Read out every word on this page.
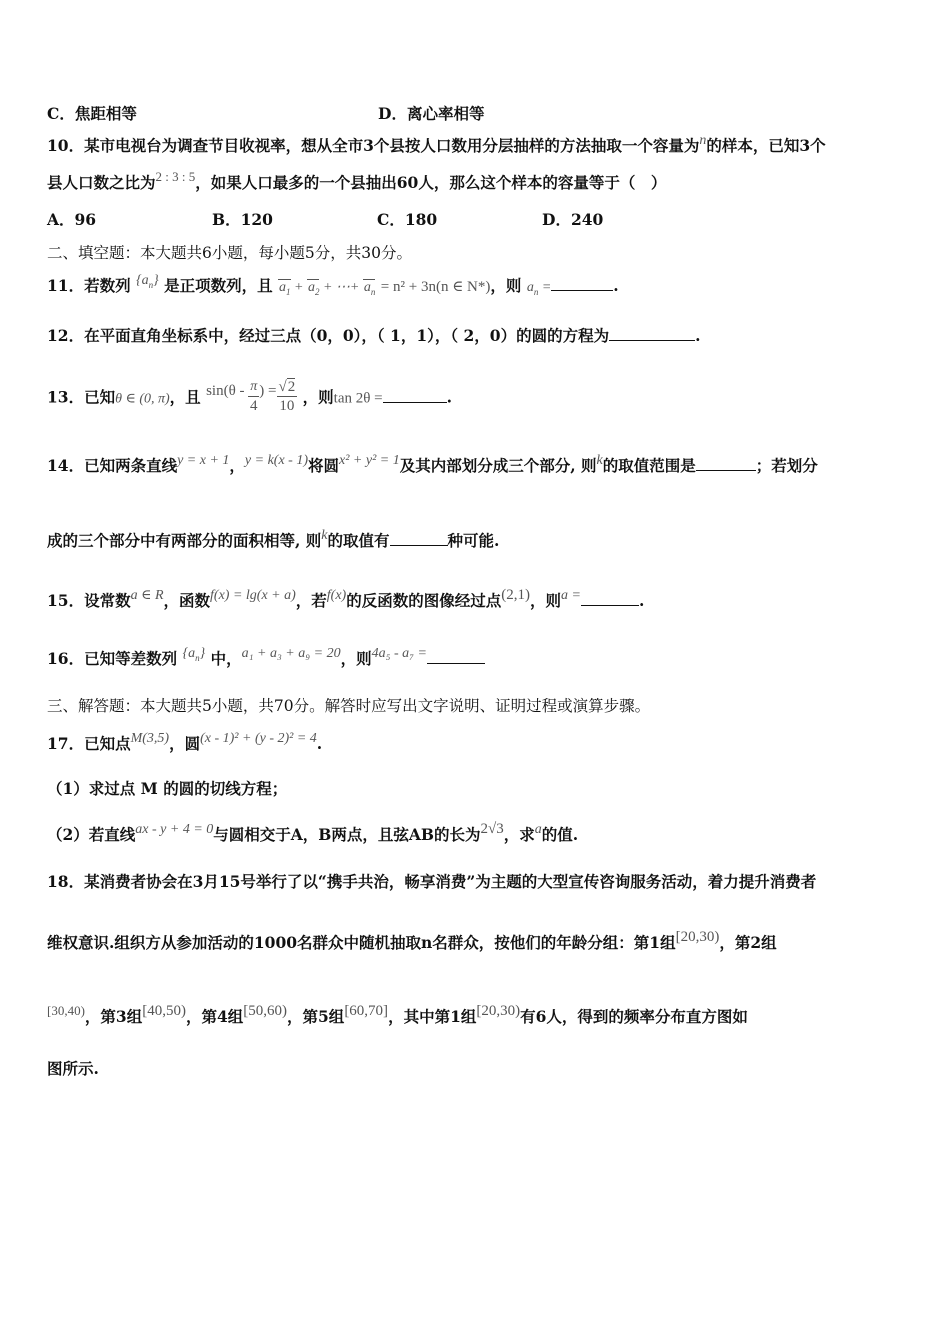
C．焦距相等	D．离心率相等
10．某市电视台为调查节目收视率，想从全市3个县按人口数用分层抽样的方法抽取一个容量为n的样本，已知3个
县人口数之比为$^{2 : 3 : 5}$，如果人口最多的一个县抽出60人，那么这个样本的容量等于（　）
A．96	B．120	C．180	D．240
二、填空题：本大题共6小题，每小题5分，共30分。
11．若数列 $\{a_n\}$ 是正项数列，且 $a_1 + a_2$ + ⋯+ $a_n = n^2 + 3n(n$ ∈ N*)，则 $a_n$ =	.
12．在平面直角坐标系中，经过三点（0，0），（ 1，1），（ 2，0）的圆的方程为	.
13．已知θ ∈ (0, π)，且 $\sin(\theta - \frac{\pi}{4}$ ) = $\frac{√2}{10}$ ，则tan 2θ =	.
14．已知两条直线y = x + 1，y = k(x - 1)将圆x² + y² = 1及其内部划分成三个部分, 则k的取值范围是	；若划分
成的三个部分中有两部分的面积相等, 则k的取值有	种可能.
15．设常数a ∈ R，函数f(x) = lg(x + a)，若f(x)的反函数的图像经过点(2,1)，则a =	.
16．已知等差数列 $\{a_n\}$ 中，a₁ + a₃ + a₉ = 20，则4a₅ - a₇ =
三、解答题：本大题共5小题，共70分。解答时应写出文字说明、证明过程或演算步骤。
17．已知点M(3,5)，圆(x - 1)² + (y - 2)² = 4.
（1）求过点 M 的圆的切线方程；
（2）若直线ax - y + 4 = 0与圆相交于A，B两点，且弦AB的长为2√3，求a的值.
18．某消费者协会在3月15号举行了以“携手共治，畅享消费”为主题的大型宣传咨询服务活动，着力提升消费者
维权意识.组织方从参加活动的1000名群众中随机抽取n名群众，按他们的年龄分组：第1组[20,30)，第2组
$^{[30,40)}$，第3组[40,50)，第4组[50,60)，第5组[60,70]，其中第1组[20,30)有6人，得到的频率分布直方图如
图所示.
